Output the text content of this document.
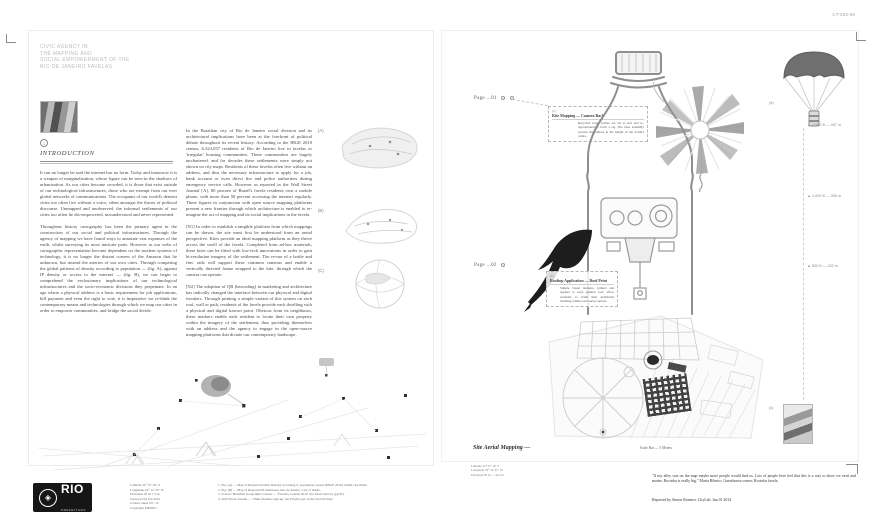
CT-023-00
CIVIC AGENCY IN
THE MAPPING AND
SOCIAL EMPOWERMENT OF THE
RIO DE JANEIRO FAVELAS
1
INTRODUCTION

It can no longer be said the internet has no form. Today and tomorrow it is a weapon of marginalization, whose figure can be seen in the shadows of urbanization. As our cities become crowded, it is those that exist outside of our technological infrastructures, those who are exempt from our ever global networks of communications. The occupants of our world's densest cities too often live without a voice, silent amongst the throes of political discourse. Unmapped and unobserved, the informal settlements of our cities too often lie dis-empowered, misunderstood and never represented.

Throughout history cartography has been the primary agent in the construction of our social and political infrastructures. Through the agency of mapping we have found ways to annotate vast expanses of the earth, whilst surveying its most intricate parts. However as our webs of cartographic representation become dependent on the modern systems of technology, it is no longer the distant corners of the Amazon that lie unknown, but instead the arteries of our own cities. Through comparing the global patterns of density according to population — (fig. A), against IP density or access to the internet — (fig. B), we can begin to comprehend the exclusionary implications of our technological infrastructures and the socio-economic divisions they perpetuate. In an age where a physical address is a basic requirement for job applications, bill payment and even the right to vote, it is imperative we re-think the contemporary means and technologies through which we map our cities in order to empower communities, and bridge the social divide.

In the Brazilian city of Rio de Janeiro social division and its architectural implications have been at the forefront of political debate throughout its recent history. According to the IBGE 2010 census, 6,323,037 residents of Rio de Janeiro live in favelas or 'irregular' housing communities. These communities are largely unchartered, and for decades these settlements were simply not shown on city maps. Residents of these favelas often live without an address, and thus the necessary infrastructure to apply for a job, bank account or even direct fire and police authorities during emergency service calls. However as reported in the Wall Street Journal [A], 80 percent of Brazil's favela residents own a mobile phone, with more than 50 percent accessing the internet regularly. These figures in conjunction with open source mapping platforms present a new frontier through which architecture is enabled to re-imagine the act of mapping and its social implications in the favela.

[N1] In order to establish a tangible platform from which mappings can be drawn, the site must first be understood from an aerial perspective. Kites provide an ideal mapping platform as they thrive across the swell of the favela. Completed from ad-hoc materials, these kites can be fitted with low-tech innovations in order to gain hi-resolution imagery of the settlement. The re-use of a bottle and fins' rails will support these common cameras and enable a vertically directed frame strapped to the kite, through which the camera can operate.

[N2] The adoption of QR (barcoding) in marketing and architecture has radically changed the interface between our physical and digital frontiers. Through printing a simple variant of this system on each roof, wall or path, residents of the favela provide each dwelling with a physical and digital known point. Obvious from its neighbours, these markers enable each resident to locate their own property within the imagery of the settlement, thus providing themselves with an address and the agency to engage in the open-source mapping platforms that dictate our contemporary landscape.

(A)
(B)
(C)
◈
RIO
PREFEITURA
Latitude 22° 57' 16" S
Longitude 43° 12' 35" W
Elevation 25 m ± 3 m
Surveyed 04 Jan 2014
Contact sheet 04 / 12
Copyright MMXIV
1. Fig. (A) — Map of Reported Urban Density according to population census (IBGE 2010) within city limits.
2. Fig. (B) — Map of Reported IP Addresses, Rio de Janeiro, City of limits.
3. Source: Brazilian Geographic Census — 'Favelas, Census 2010' Sao Paulo Survey (pg 87).
4. Wall Street Journal — 'Slum dwellers sign up: the Favelas get on the World's map.'
Page ...01
Page ...02
(a)
Kite Mapping — Camera Rack
Recycled water bottles are cut to size and re-appropriated to form a rig. The base assembly secures the camera at the height of the bottle's centre.
(b)
Rooftop Application — Roof Print
Simple visual markers, printed and applied to each painted roof, allow residents to claim their individual dwelling within each aerial capture.
Scale Bar — 5 Meters
Site Aerial Mapping —
Latitude 22° 57' 16" S
Longitude 43° 14' 47" W
Elevation 85 m — site 02
(d)
▴ 1,500 ft — 457 m
▴ 1,000 ft — 305 m
▴ 500 ft — 152 m
(c)
"If my alley was on the map maybe more people would find us. Lots of people here feel that this is a way to show we exist and matter. Rocinha is really big." Maria Ribeiro, Guesthouse owner, Rocinha favela.
Reported by Simon Romero, CityLab. Jan 01 2014
